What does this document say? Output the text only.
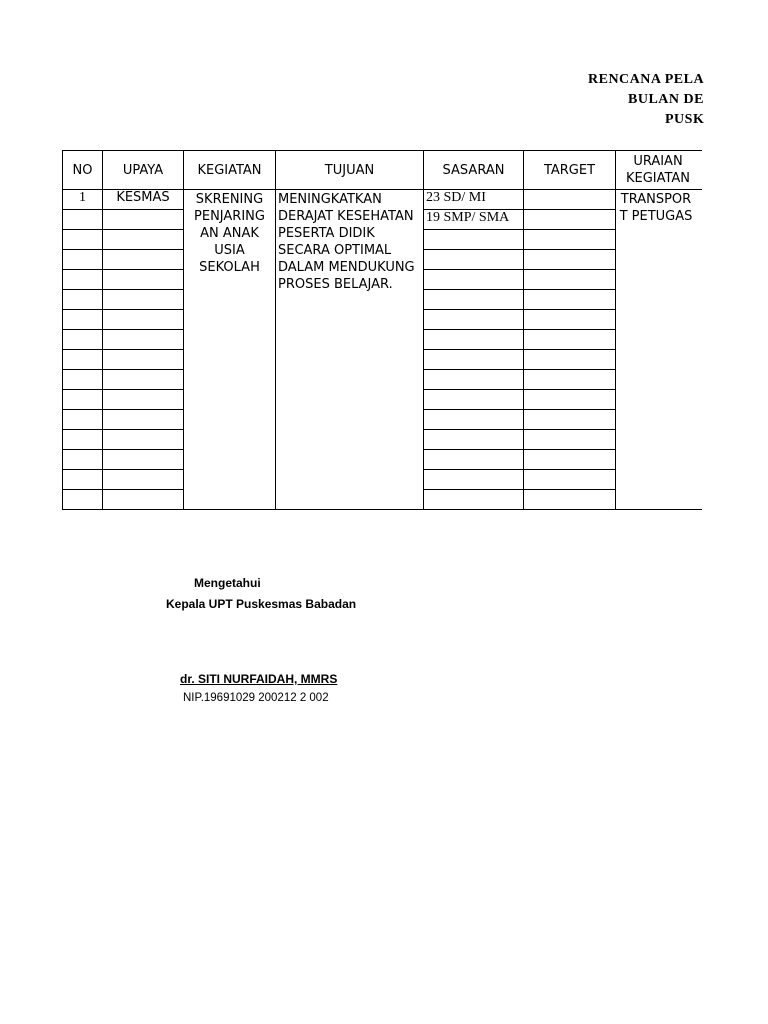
RENCANA PELA
BULAN DE
PUSK
NO	UPAYA	KEGIATAN	TUJUAN	SASARAN	TARGET	URAIAN KEGIATAN

1	KESMAS	SKRENING PENJARING AN ANAK USIA SEKOLAH	MENINGKATKAN DERAJAT KESEHATAN PESERTA DIDIK SECARA OPTIMAL DALAM MENDUKUNG PROSES BELAJAR.	23 SD/ MI		TRANSPOR T PETUGAS

				19 SMP/ SMA		

Mengetahui
Kepala UPT Puskesmas Babadan
dr. SITI NURFAIDAH, MMRS
NIP.19691029 200212 2 002
